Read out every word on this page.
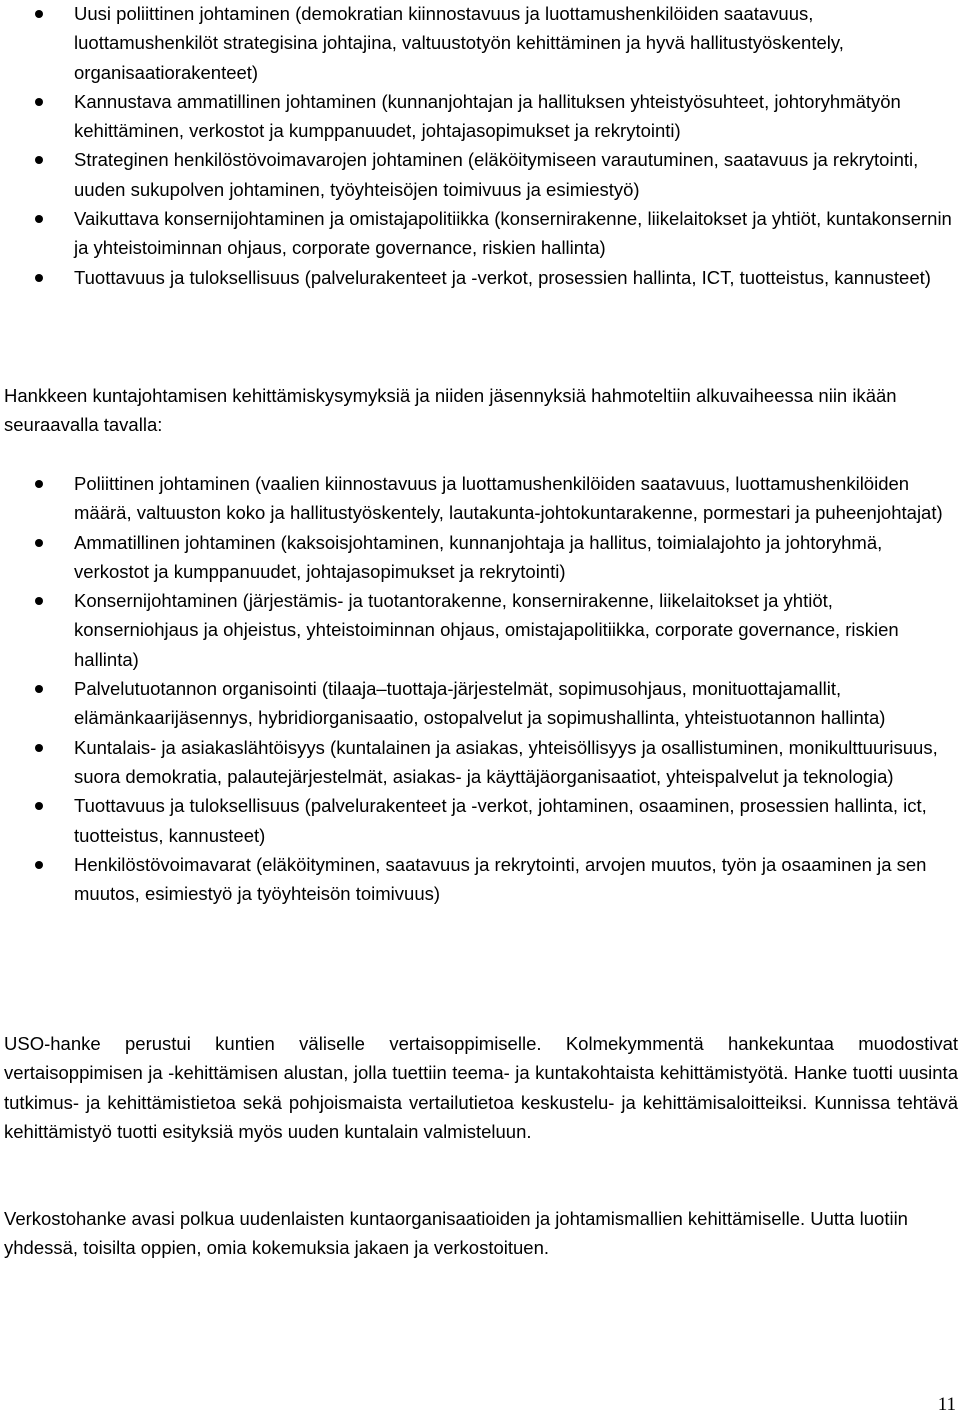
Uusi poliittinen johtaminen (demokratian kiinnostavuus ja luottamushenkilöiden saatavuus, luottamushenkilöt strategisina johtajina, valtuustotyön kehittäminen ja hyvä hallitustyöskentely, organisaatiorakenteet)
Kannustava ammatillinen johtaminen (kunnanjohtajan ja hallituksen yhteistyösuhteet, johtoryhmätyön kehittäminen, verkostot ja kumppanuudet, johtajasopimukset ja rekrytointi)
Strateginen henkilöstövoimavarojen johtaminen (eläköitymiseen varautuminen, saatavuus ja rekrytointi, uuden sukupolven johtaminen, työyhteisöjen toimivuus ja esimiestyö)
Vaikuttava konsernijohtaminen ja omistajapolitiikka (konsernirakenne, liikelaitokset ja yhtiöt, kuntakonsernin ja yhteistoiminnan ohjaus, corporate governance, riskien hallinta)
Tuottavuus ja tuloksellisuus (palvelurakenteet ja -verkot, prosessien hallinta, ICT, tuotteistus, kannusteet)

Hankkeen kuntajohtamisen kehittämiskysymyksiä ja niiden jäsennyksiä hahmoteltiin alkuvaiheessa niin ikään seuraavalla tavalla:

Poliittinen johtaminen (vaalien kiinnostavuus ja luottamushenkilöiden saatavuus, luottamushenkilöiden määrä, valtuuston koko ja hallitustyöskentely, lautakunta-johtokuntarakenne, pormestari ja puheenjohtajat)
Ammatillinen johtaminen (kaksoisjohtaminen, kunnanjohtaja ja hallitus, toimialajohto ja johtoryhmä, verkostot ja kumppanuudet, johtajasopimukset ja rekrytointi)
Konsernijohtaminen (järjestämis- ja tuotantorakenne, konsernirakenne, liikelaitokset ja yhtiöt, konserniohjaus ja ohjeistus, yhteistoiminnan ohjaus, omistajapolitiikka, corporate governance, riskien hallinta)
Palvelutuotannon organisointi (tilaaja–tuottaja-järjestelmät, sopimusohjaus, monituottajamallit, elämänkaarijäsennys, hybridiorganisaatio, ostopalvelut ja sopimushallinta, yhteistuotannon hallinta)
Kuntalais- ja asiakaslähtöisyys (kuntalainen ja asiakas, yhteisöllisyys ja osallistuminen, monikulttuurisuus, suora demokratia, palautejärjestelmät, asiakas- ja käyttäjäorganisaatiot, yhteispalvelut ja teknologia)
Tuottavuus ja tuloksellisuus (palvelurakenteet ja -verkot, johtaminen, osaaminen, prosessien hallinta, ict, tuotteistus, kannusteet)
Henkilöstövoimavarat (eläköityminen, saatavuus ja rekrytointi, arvojen muutos, työn ja osaaminen ja sen muutos, esimiestyö ja työyhteisön toimivuus)

USO-hanke perustui kuntien väliselle vertaisoppimiselle. Kolmekymmentä hankekuntaa muodostivat vertaisoppimisen ja -kehittämisen alustan, jolla tuettiin teema- ja kuntakohtaista kehittämistyötä. Hanke tuotti uusinta tutkimus- ja kehittämistietoa sekä pohjoismaista vertailutietoa keskustelu- ja kehittämisaloitteiksi. Kunnissa tehtävä kehittämistyö tuotti esityksiä myös uuden kuntalain valmisteluun.

Verkostohanke avasi polkua uudenlaisten kuntaorganisaatioiden ja johtamismallien kehittämiselle. Uutta luotiin yhdessä, toisilta oppien, omia kokemuksia jakaen ja verkostoituen.

11
